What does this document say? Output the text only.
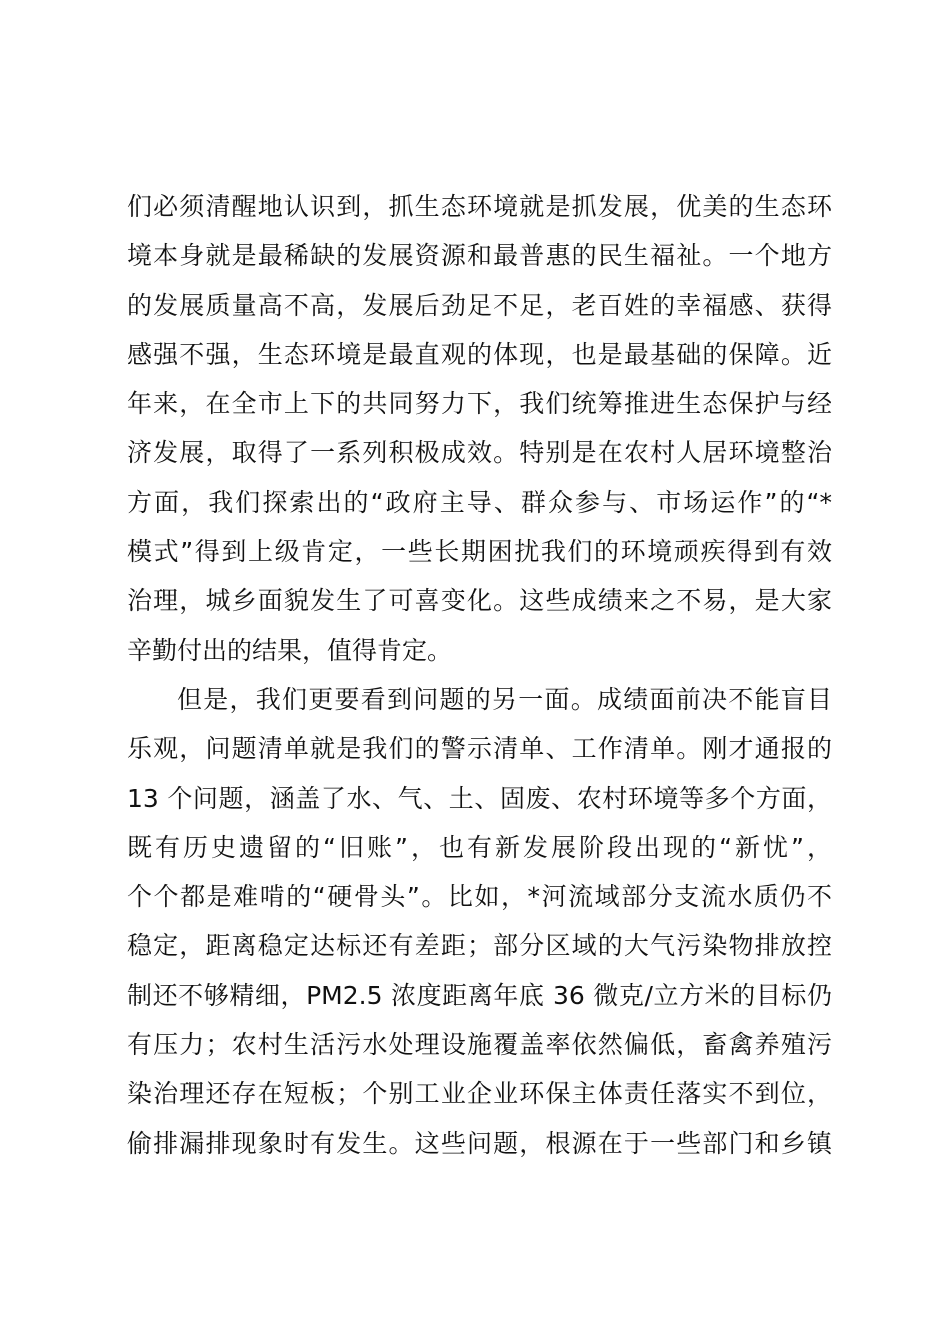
们必须清醒地认识到，抓生态环境就是抓发展，优美的生态环
境本身就是最稀缺的发展资源和最普惠的民生福祉。一个地方
的发展质量高不高，发展后劲足不足，老百姓的幸福感、获得
感强不强，生态环境是最直观的体现，也是最基础的保障。近
年来，在全市上下的共同努力下，我们统筹推进生态保护与经
济发展，取得了一系列积极成效。特别是在农村人居环境整治
方面，我们探索出的“政府主导、群众参与、市场运作”的“*
模式”得到上级肯定，一些长期困扰我们的环境顽疾得到有效
治理，城乡面貌发生了可喜变化。这些成绩来之不易，是大家
辛勤付出的结果，值得肯定。
但是，我们更要看到问题的另一面。成绩面前决不能盲目
乐观，问题清单就是我们的警示清单、工作清单。刚才通报的
13 个问题，涵盖了水、气、土、固废、农村环境等多个方面，
既有历史遗留的“旧账”，也有新发展阶段出现的“新忧”，
个个都是难啃的“硬骨头”。比如，*河流域部分支流水质仍不
稳定，距离稳定达标还有差距；部分区域的大气污染物排放控
制还不够精细，PM2.5 浓度距离年底 36 微克/立方米的目标仍
有压力；农村生活污水处理设施覆盖率依然偏低，畜禽养殖污
染治理还存在短板；个别工业企业环保主体责任落实不到位，
偷排漏排现象时有发生。这些问题，根源在于一些部门和乡镇
